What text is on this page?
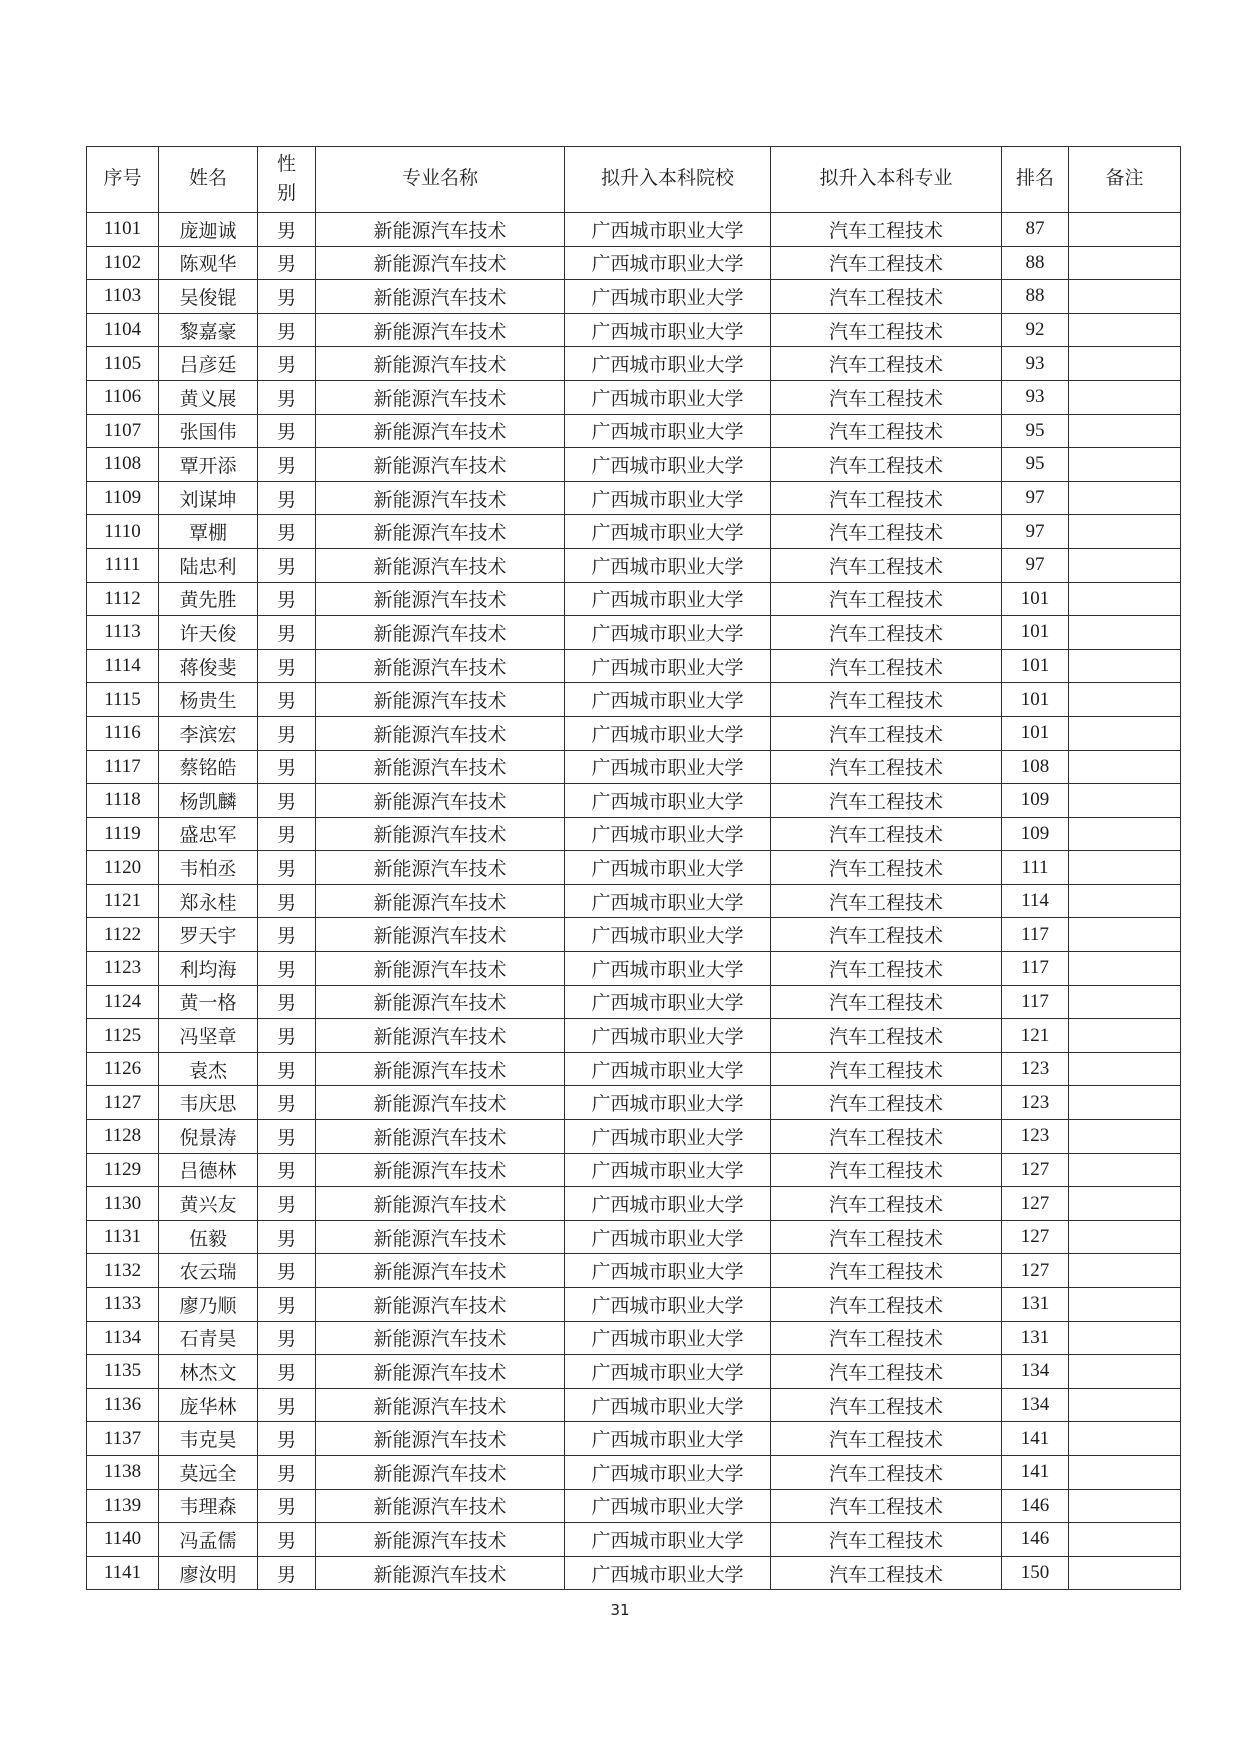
序号	姓名	性别	专业名称	拟升入本科院校	拟升入本科专业	排名	备注
1101	庞迦诚	男	新能源汽车技术	广西城市职业大学	汽车工程技术	87	
1102	陈观华	男	新能源汽车技术	广西城市职业大学	汽车工程技术	88	
1103	吴俊锟	男	新能源汽车技术	广西城市职业大学	汽车工程技术	88	
1104	黎嘉豪	男	新能源汽车技术	广西城市职业大学	汽车工程技术	92	
1105	吕彦廷	男	新能源汽车技术	广西城市职业大学	汽车工程技术	93	
1106	黄义展	男	新能源汽车技术	广西城市职业大学	汽车工程技术	93	
1107	张国伟	男	新能源汽车技术	广西城市职业大学	汽车工程技术	95	
1108	覃开添	男	新能源汽车技术	广西城市职业大学	汽车工程技术	95	
1109	刘谋坤	男	新能源汽车技术	广西城市职业大学	汽车工程技术	97	
1110	覃棚	男	新能源汽车技术	广西城市职业大学	汽车工程技术	97	
1111	陆忠利	男	新能源汽车技术	广西城市职业大学	汽车工程技术	97	
1112	黄先胜	男	新能源汽车技术	广西城市职业大学	汽车工程技术	101	
1113	许天俊	男	新能源汽车技术	广西城市职业大学	汽车工程技术	101	
1114	蒋俊斐	男	新能源汽车技术	广西城市职业大学	汽车工程技术	101	
1115	杨贵生	男	新能源汽车技术	广西城市职业大学	汽车工程技术	101	
1116	李滨宏	男	新能源汽车技术	广西城市职业大学	汽车工程技术	101	
1117	蔡铭皓	男	新能源汽车技术	广西城市职业大学	汽车工程技术	108	
1118	杨凯麟	男	新能源汽车技术	广西城市职业大学	汽车工程技术	109	
1119	盛忠军	男	新能源汽车技术	广西城市职业大学	汽车工程技术	109	
1120	韦柏丞	男	新能源汽车技术	广西城市职业大学	汽车工程技术	111	
1121	郑永桂	男	新能源汽车技术	广西城市职业大学	汽车工程技术	114	
1122	罗天宇	男	新能源汽车技术	广西城市职业大学	汽车工程技术	117	
1123	利均海	男	新能源汽车技术	广西城市职业大学	汽车工程技术	117	
1124	黄一格	男	新能源汽车技术	广西城市职业大学	汽车工程技术	117	
1125	冯坚章	男	新能源汽车技术	广西城市职业大学	汽车工程技术	121	
1126	袁杰	男	新能源汽车技术	广西城市职业大学	汽车工程技术	123	
1127	韦庆思	男	新能源汽车技术	广西城市职业大学	汽车工程技术	123	
1128	倪景涛	男	新能源汽车技术	广西城市职业大学	汽车工程技术	123	
1129	吕德林	男	新能源汽车技术	广西城市职业大学	汽车工程技术	127	
1130	黄兴友	男	新能源汽车技术	广西城市职业大学	汽车工程技术	127	
1131	伍毅	男	新能源汽车技术	广西城市职业大学	汽车工程技术	127	
1132	农云瑞	男	新能源汽车技术	广西城市职业大学	汽车工程技术	127	
1133	廖乃顺	男	新能源汽车技术	广西城市职业大学	汽车工程技术	131	
1134	石青昊	男	新能源汽车技术	广西城市职业大学	汽车工程技术	131	
1135	林杰文	男	新能源汽车技术	广西城市职业大学	汽车工程技术	134	
1136	庞华林	男	新能源汽车技术	广西城市职业大学	汽车工程技术	134	
1137	韦克昊	男	新能源汽车技术	广西城市职业大学	汽车工程技术	141	
1138	莫远全	男	新能源汽车技术	广西城市职业大学	汽车工程技术	141	
1139	韦理森	男	新能源汽车技术	广西城市职业大学	汽车工程技术	146	
1140	冯孟儒	男	新能源汽车技术	广西城市职业大学	汽车工程技术	146	
1141	廖汝明	男	新能源汽车技术	广西城市职业大学	汽车工程技术	150	
31
